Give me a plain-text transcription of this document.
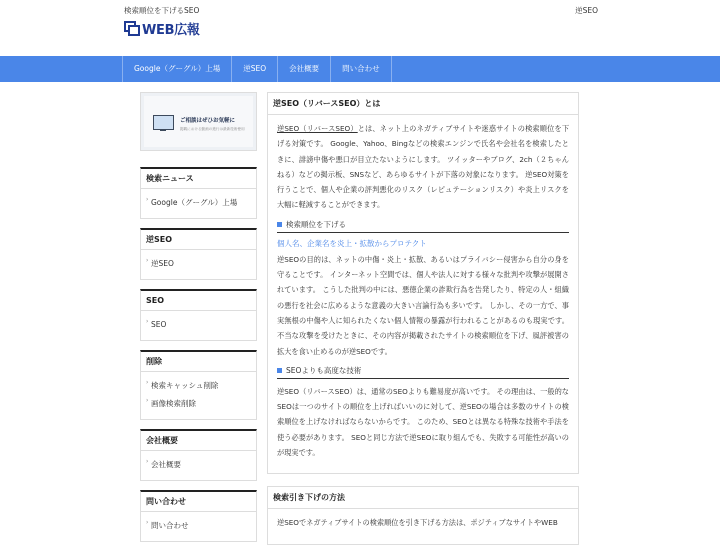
検索順位を下げるSEO	逆SEO
WEB広報
Google（グーグル）上場	逆SEO	会社概要	問い合わせ
ご相談はぜひお気軽に
掲載における動画の進行は最新技術使用
検索ニュース
› Google（グーグル）上場
逆SEO
› 逆SEO
SEO
› SEO
削除
› 検索キャッシュ削除
› 画像検索削除
会社概要
› 会社概要
問い合わせ
› 問い合わせ
逆SEO（リバースSEO）とは

逆SEO（リバースSEO）とは、ネット上のネガティブサイトや迷惑サイトの検索順位を下げる対策です。 Google、Yahoo、Bingなどの検索エンジンで氏名や会社名を検索したときに、誹謗中傷や悪口が目立たないようにします。 ツイッターやブログ、2ch（２ちゃんねる）などの掲示板、SNSなど、あらゆるサイトが下落の対象になります。 逆SEO対策を行うことで、個人や企業の評判悪化のリスク（レピュテーションリスク）や炎上リスクを大幅に軽減することができます。

検索順位を下げる
個人名、企業名を炎上・拡散からプロテクト

逆SEOの目的は、ネットの中傷・炎上・拡散、あるいはプライバシー侵害から自分の身を守ることです。 インターネット空間では、個人や法人に対する様々な批判や攻撃が展開されています。 こうした批判の中には、悪徳企業の詐欺行為を告発したり、特定の人・組織の悪行を社会に広めるような意義の大きい言論行為も多いです。 しかし、その一方で、事実無根の中傷や人に知られたくない個人情報の暴露が行われることがあるのも現実です。 不当な攻撃を受けたときに、その内容が掲載されたサイトの検索順位を下げ、風評被害の拡大を食い止めるのが逆SEOです。

SEOよりも高度な技術

逆SEO（リバースSEO）は、通常のSEOよりも難易度が高いです。 その理由は、一般的なSEOは一つのサイトの順位を上げればいいのに対して、逆SEOの場合は多数のサイトの検索順位を上げなければならないからです。 このため、SEOとは異なる特殊な技術や手法を使う必要があります。 SEOと同じ方法で逆SEOに取り組んでも、失敗する可能性が高いのが現実です。

検索引き下げの方法

逆SEOでネガティブサイトの検索順位を引き下げる方法は、ポジティブなサイトやWEB
